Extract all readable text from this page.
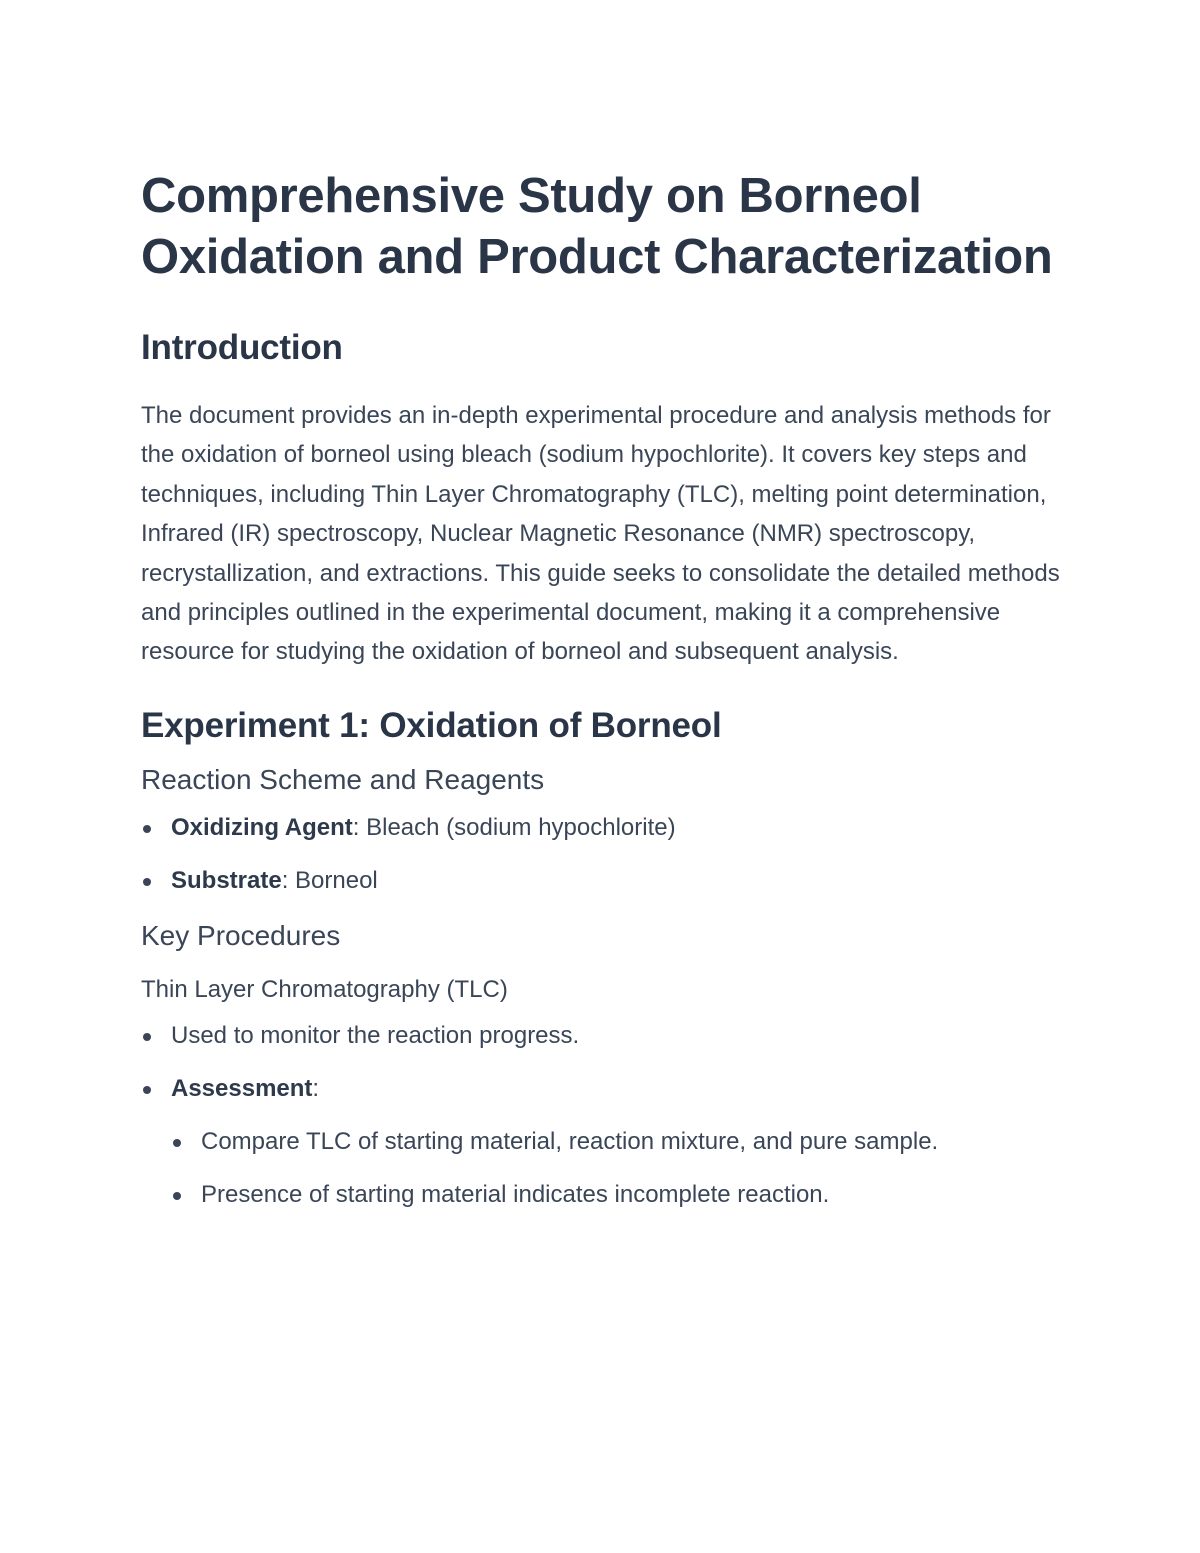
Comprehensive Study on Borneol Oxidation and Product Characterization
Introduction

The document provides an in-depth experimental procedure and analysis methods for the oxidation of borneol using bleach (sodium hypochlorite). It covers key steps and techniques, including Thin Layer Chromatography (TLC), melting point determination, Infrared (IR) spectroscopy, Nuclear Magnetic Resonance (NMR) spectroscopy, recrystallization, and extractions. This guide seeks to consolidate the detailed methods and principles outlined in the experimental document, making it a comprehensive resource for studying the oxidation of borneol and subsequent analysis.

Experiment 1: Oxidation of Borneol
Reaction Scheme and Reagents
Oxidizing Agent: Bleach (sodium hypochlorite)
Substrate: Borneol
Key Procedures
Thin Layer Chromatography (TLC)
Used to monitor the reaction progress.
Assessment:
Compare TLC of starting material, reaction mixture, and pure sample.
Presence of starting material indicates incomplete reaction.
